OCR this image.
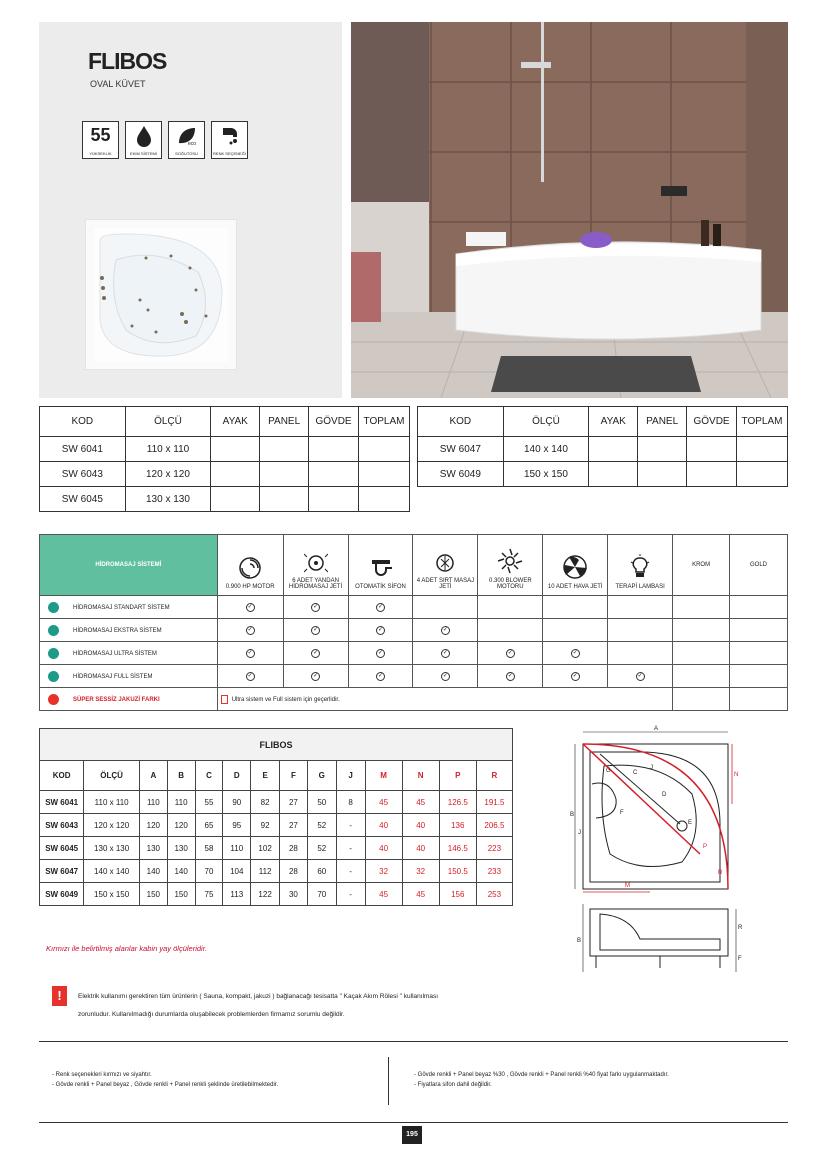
FLIBOS
OVAL KÜVET
55
YÜKSEKLİK	EKİM SİSTEMİ
eco
SOĞUTOSU	RENK SEÇENEĞİ
KOD	ÖLÇÜ	AYAK	PANEL	GÖVDE	TOPLAM
SW 6041	110 x 110				
SW 6043	120 x 120				
SW 6045	130 x 130				
KOD	ÖLÇÜ	AYAK	PANEL	GÖVDE	TOPLAM
SW 6047	140 x 140				
SW 6049	150 x 150				
HİDROMASAJ SİSTEMİ	0.900 HP MOTOR	6 ADET YANDAN HİDROMASAJ JETİ	OTOMATİK SİFON	4 ADET SIRT MASAJ JETİ	0.300 BLOWER MOTORU	10 ADET HAVA JETİ	TERAPİ LAMBASI	KROM	GOLD
HİDROMASAJ STANDART SİSTEM	✓	✓	✓						
HİDROMASAJ EKSTRA SİSTEM	✓	✓	✓	✓					
HİDROMASAJ ULTRA SİSTEM	✓	✓	✓	✓	✓	✓			
HİDROMASAJ FULL SİSTEM	✓	✓	✓	✓	✓	✓	✓		
SÜPER SESSİZ JAKUZİ FARKI	Ultra sistem ve Full sistem için geçerlidir.								
FLIBOS													
KOD	ÖLÇÜ	A	B	C	D	E	F	G	J	M	N	P	R
SW 6041	110 x 110	110	110	55	90	82	27	50	8	45	45	126.5	191.5
SW 6043	120 x 120	120	120	65	95	92	27	52	-	40	40	136	206.5
SW 6045	130 x 130	130	130	58	110	102	28	52	-	40	40	146.5	223
SW 6047	140 x 140	140	140	70	104	112	28	60	-	32	32	150.5	233
SW 6049	150 x 150	150	150	75	113	122	30	70	-	45	45	156	253
A
B
J
G	C
D
E
F
J
M
N
P
R
B
R
F
Kırmızı ile belirtilmiş alanlar kabin yay ölçüleridir.
!	Elektrik kullanımı gerektiren tüm ürünlerin ( Sauna, kompakt, jakuzi ) bağlanacağı tesisatta " Kaçak Akım Rölesi " kullanılması
zorunludur. Kullanılmadığı durumlarda oluşabilecek problemlerden firmamız sorumlu değildir.
- Renk seçenekleri kırmızı ve siyahtır.
- Gövde renkli + Panel beyaz , Gövde renkli + Panel renkli şeklinde üretilebilmektedir.
- Gövde renkli + Panel beyaz %30 , Gövde renkli + Panel renkli %40 fiyat farkı uygulanmaktadır.
- Fiyatlara sifon dahil değildir.
195
